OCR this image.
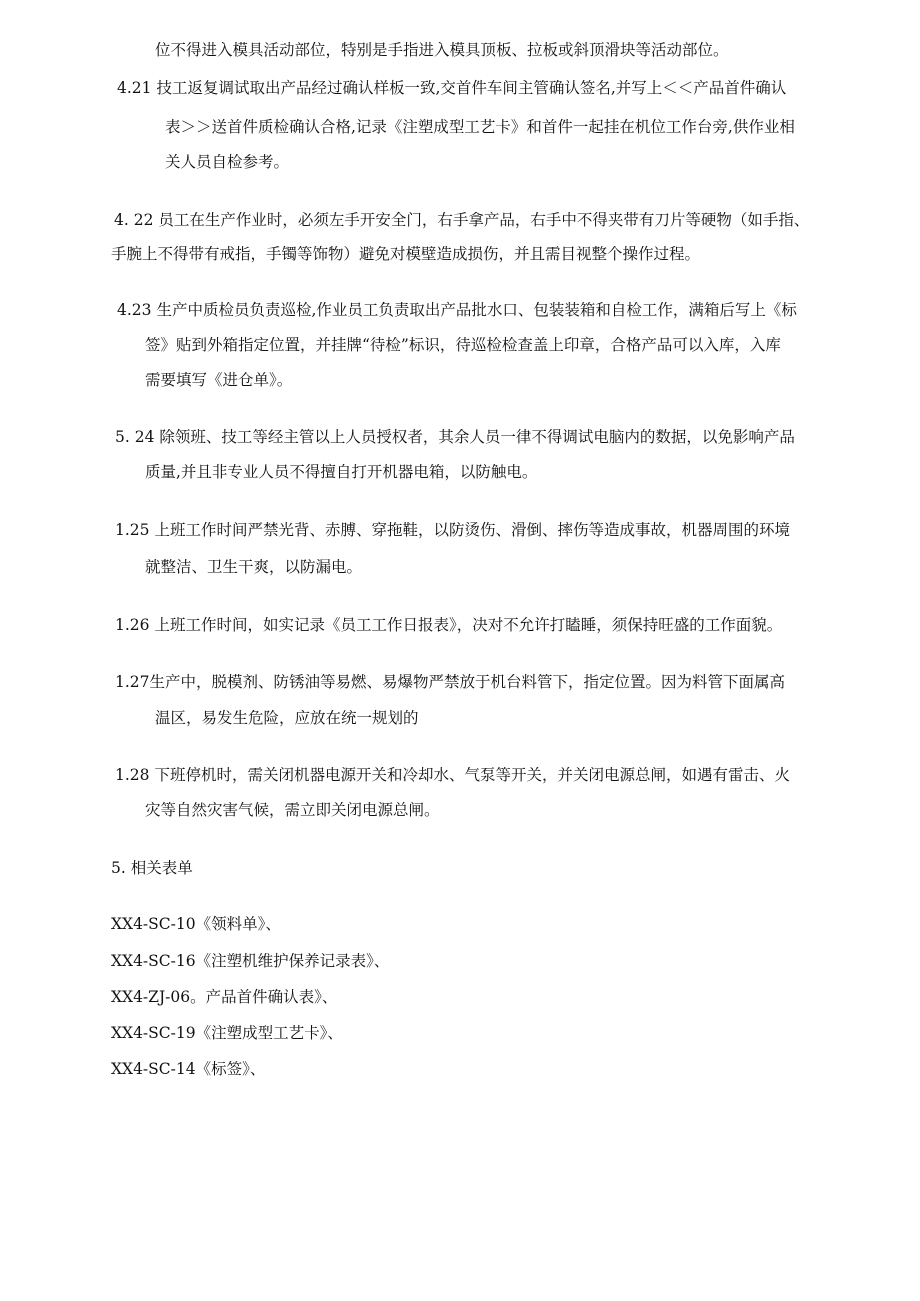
位不得进入模具活动部位，特别是手指进入模具顶板、拉板或斜顶滑块等活动部位。
4.21 技工返复调试取出产品经过确认样板一致,交首件车间主管确认签名,并写上＜＜产品首件确认
表＞＞送首件质检确认合格,记录《注塑成型工艺卡》和首件一起挂在机位工作台旁,供作业相
关人员自检参考。
4. 22 员工在生产作业时，必须左手开安全门，右手拿产品，右手中不得夹带有刀片等硬物（如手指、
手腕上不得带有戒指，手镯等饰物）避免对模壁造成损伤，并且需目视整个操作过程。
4.23 生产中质检员负责巡检,作业员工负责取出产品批水口、包装装箱和自检工作，满箱后写上《标
签》贴到外箱指定位置，并挂牌“待检”标识，待巡检检查盖上印章，合格产品可以入库，入库
需要填写《进仓单》。
5. 24 除领班、技工等经主管以上人员授权者，其余人员一律不得调试电脑内的数据，以免影响产品
质量,并且非专业人员不得擅自打开机器电箱，以防触电。
1.25 上班工作时间严禁光背、赤膊、穿拖鞋，以防烫伤、滑倒、摔伤等造成事故，机器周围的环境
就整洁、卫生干爽，以防漏电。
1.26 上班工作时间，如实记录《员工工作日报表》，决对不允许打瞌睡，须保持旺盛的工作面貌。
1.27生产中，脱模剂、防锈油等易燃、易爆物严禁放于机台料管下，指定位置。因为料管下面属高
温区，易发生危险，应放在统一规划的
1.28 下班停机时，需关闭机器电源开关和冷却水、气泵等开关，并关闭电源总闸，如遇有雷击、火
灾等自然灾害气候，需立即关闭电源总闸。
5. 相关表单
XX4-SC-10《领料单》、
XX4-SC-16《注塑机维护保养记录表》、
XX4-ZJ-06。产品首件确认表》、
XX4-SC-19《注塑成型工艺卡》、
XX4-SC-14《标签》、
